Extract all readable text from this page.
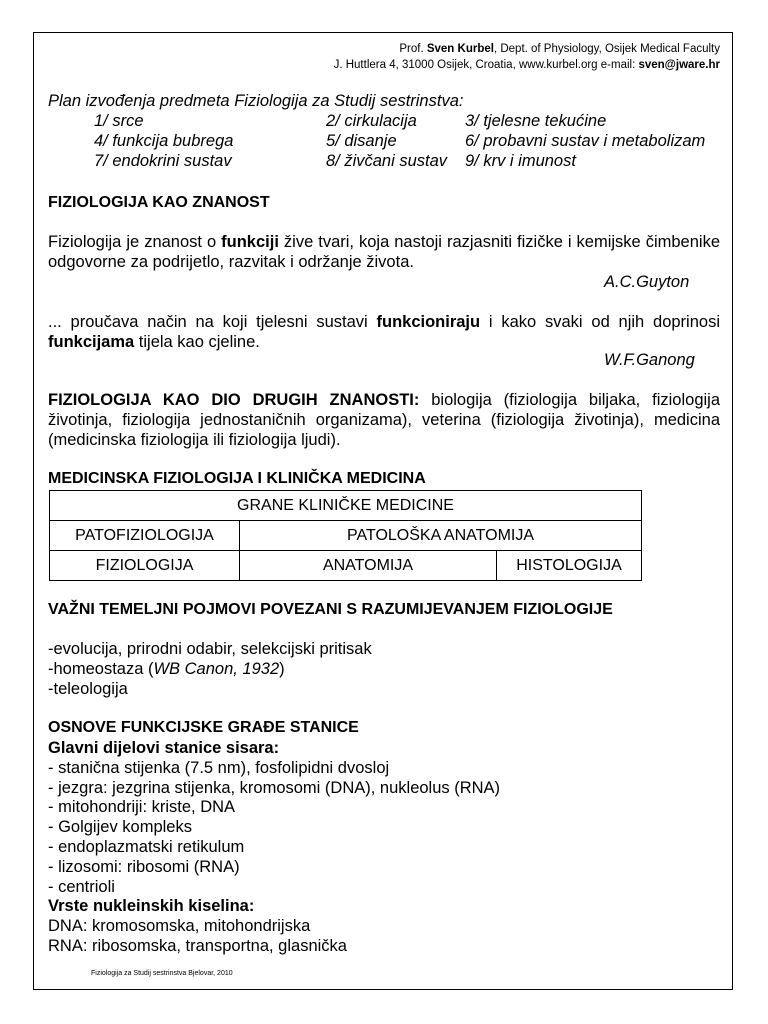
Prof. Sven Kurbel, Dept. of Physiology, Osijek Medical Faculty
J. Huttlera 4, 31000 Osijek, Croatia, www.kurbel.org e-mail: sven@jware.hr
Plan izvođenja predmeta Fiziologija za Studij sestrinstva:
1/ srce	2/ cirkulacija	3/ tjelesne tekućine
4/ funkcija bubrega	5/ disanje	6/ probavni sustav i metabolizam
7/ endokrini sustav	8/ živčani sustav 9/ krv i imunost
FIZIOLOGIJA KAO ZNANOST
Fiziologija je znanost o funkciji žive tvari, koja nastoji razjasniti fizičke i kemijske čimbenike odgovorne za podrijetlo, razvitak i održanje života.
A.C.Guyton
... proučava način na koji tjelesni sustavi funkcioniraju i kako svaki od njih doprinosi funkcijama tijela kao cjeline.
W.F.Ganong
FIZIOLOGIJA KAO DIO DRUGIH ZNANOSTI: biologija (fiziologija biljaka, fiziologija životinja, fiziologija jednostaničnih organizama), veterina (fiziologija životinja), medicina (medicinska fiziologija ili fiziologija ljudi).
MEDICINSKA FIZIOLOGIJA I KLINIČKA MEDICINA
GRANE KLINIČKE MEDICINE		
PATOFIZIOLOGIJA	PATOLOŠKA ANATOMIJA	
FIZIOLOGIJA	ANATOMIJA	HISTOLOGIJA
VAŽNI TEMELJNI POJMOVI POVEZANI S RAZUMIJEVANJEM FIZIOLOGIJE
-evolucija, prirodni odabir, selekcijski pritisak
-homeostaza (WB Canon, 1932)
-teleologija
OSNOVE FUNKCIJSKE GRAĐE STANICE
Glavni dijelovi stanice sisara:
- stanična stijenka (7.5 nm), fosfolipidni dvosloj
- jezgra: jezgrina stijenka, kromosomi (DNA), nukleolus (RNA)
- mitohondriji: kriste, DNA
- Golgijev kompleks
- endoplazmatski retikulum
- lizosomi: ribosomi (RNA)
- centrioli
Vrste nukleinskih kiselina:
DNA: kromosomska, mitohondrijska
RNA: ribosomska, transportna, glasnička
Fiziologija za Studij sestrinstva Bjelovar, 2010
